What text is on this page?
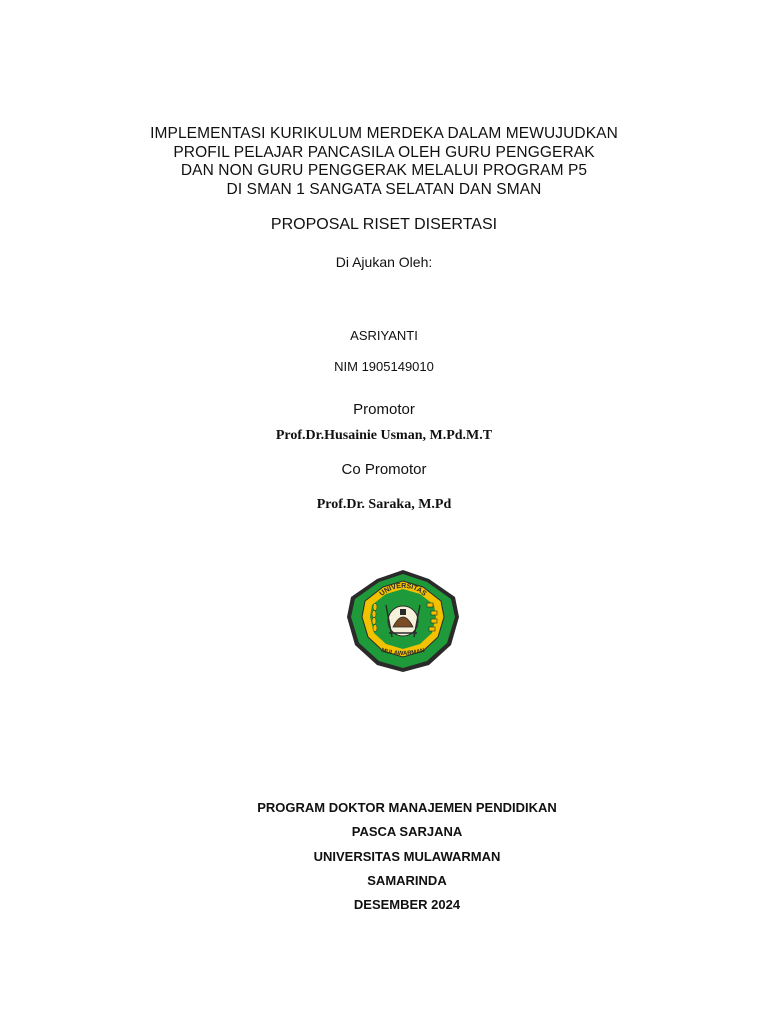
IMPLEMENTASI KURIKULUM MERDEKA DALAM MEWUJUDKAN
PROFIL PELAJAR PANCASILA OLEH GURU PENGGERAK
DAN NON GURU PENGGERAK MELALUI PROGRAM P5
DI SMAN 1 SANGATA SELATAN DAN SMAN
PROPOSAL RISET DISERTASI
Di Ajukan Oleh:
ASRIYANTI
NIM 1905149010
Promotor
Prof.Dr.Husainie Usman, M.Pd.M.T
Co Promotor
Prof.Dr. Saraka, M.Pd
UNIVERSITAS
MULAWARMAN
PROGRAM DOKTOR MANAJEMEN PENDIDIKAN
PASCA SARJANA
UNIVERSITAS MULAWARMAN
SAMARINDA
DESEMBER 2024
